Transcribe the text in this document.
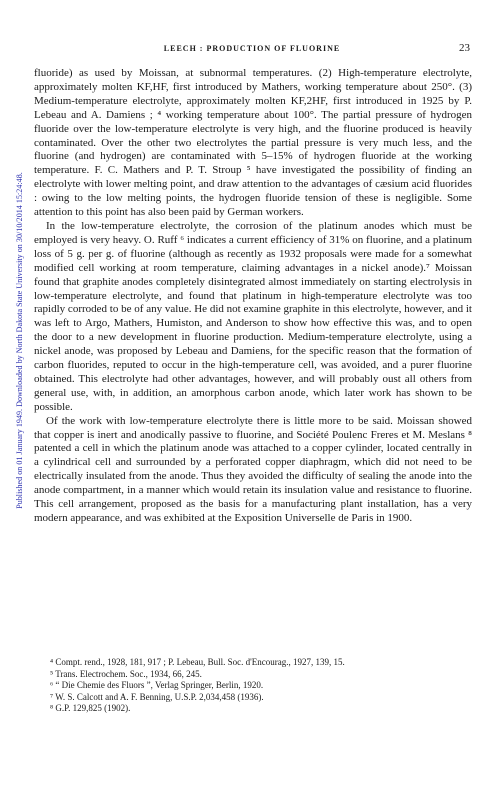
Published on 01 January 1949. Downloaded by North Dakota State University on 30/10/2014 15:24:48.
LEECH : PRODUCTION OF FLUORINE	23

fluoride) as used by Moissan, at subnormal temperatures. (2) High-temperature electrolyte, approximately molten KF,HF, first introduced by Mathers, working temperature about 250°. (3) Medium-temperature electrolyte, approximately molten KF,2HF, first introduced in 1925 by P. Lebeau and A. Damiens ; ⁴ working temperature about 100°. The partial pressure of hydrogen fluoride over the low-temperature electrolyte is very high, and the fluorine produced is heavily contaminated. Over the other two electrolytes the partial pressure is very much less, and the fluorine (and hydrogen) are contaminated with 5–15% of hydrogen fluoride at the working temperature. F. C. Mathers and P. T. Stroup ⁵ have investigated the possibility of finding an electrolyte with lower melting point, and draw attention to the advantages of cæsium acid fluorides : owing to the low melting points, the hydrogen fluoride tension of these is negligible. Some attention to this point has also been paid by German workers.

In the low-temperature electrolyte, the corrosion of the platinum anodes which must be employed is very heavy. O. Ruff ⁶ indicates a current efficiency of 31% on fluorine, and a platinum loss of 5 g. per g. of fluorine (although as recently as 1932 proposals were made for a somewhat modified cell working at room temperature, claiming advantages in a nickel anode).⁷ Moissan found that graphite anodes completely disintegrated almost immediately on starting electrolysis in low-temperature electrolyte, and found that platinum in high-temperature electrolyte was too rapidly corroded to be of any value. He did not examine graphite in this electrolyte, however, and it was left to Argo, Mathers, Humiston, and Anderson to show how effective this was, and to open the door to a new development in fluorine production. Medium-temperature electrolyte, using a nickel anode, was proposed by Lebeau and Damiens, for the specific reason that the formation of carbon fluorides, reputed to occur in the high-temperature cell, was avoided, and a purer fluorine obtained. This electrolyte had other advantages, however, and will probably oust all others from general use, with, in addition, an amorphous carbon anode, which later work has shown to be possible.

Of the work with low-temperature electrolyte there is little more to be said. Moissan showed that copper is inert and anodically passive to fluorine, and Société Poulenc Freres et M. Meslans ⁸ patented a cell in which the platinum anode was attached to a copper cylinder, located centrally in a cylindrical cell and surrounded by a perforated copper diaphragm, which did not need to be electrically insulated from the anode. Thus they avoided the difficulty of sealing the anode into the anode compartment, in a manner which would retain its insulation value and resistance to fluorine. This cell arrangement, proposed as the basis for a manufacturing plant installation, has a very modern appearance, and was exhibited at the Exposition Universelle de Paris in 1900.

⁴ Compt. rend., 1928, 181, 917 ; P. Lebeau, Bull. Soc. d'Encourag., 1927, 139, 15.
⁵ Trans. Electrochem. Soc., 1934, 66, 245.
⁶ “ Die Chemie des Fluors ”, Verlag Springer, Berlin, 1920.
⁷ W. S. Calcott and A. F. Benning, U.S.P. 2,034,458 (1936).
⁸ G.P. 129,825 (1902).
